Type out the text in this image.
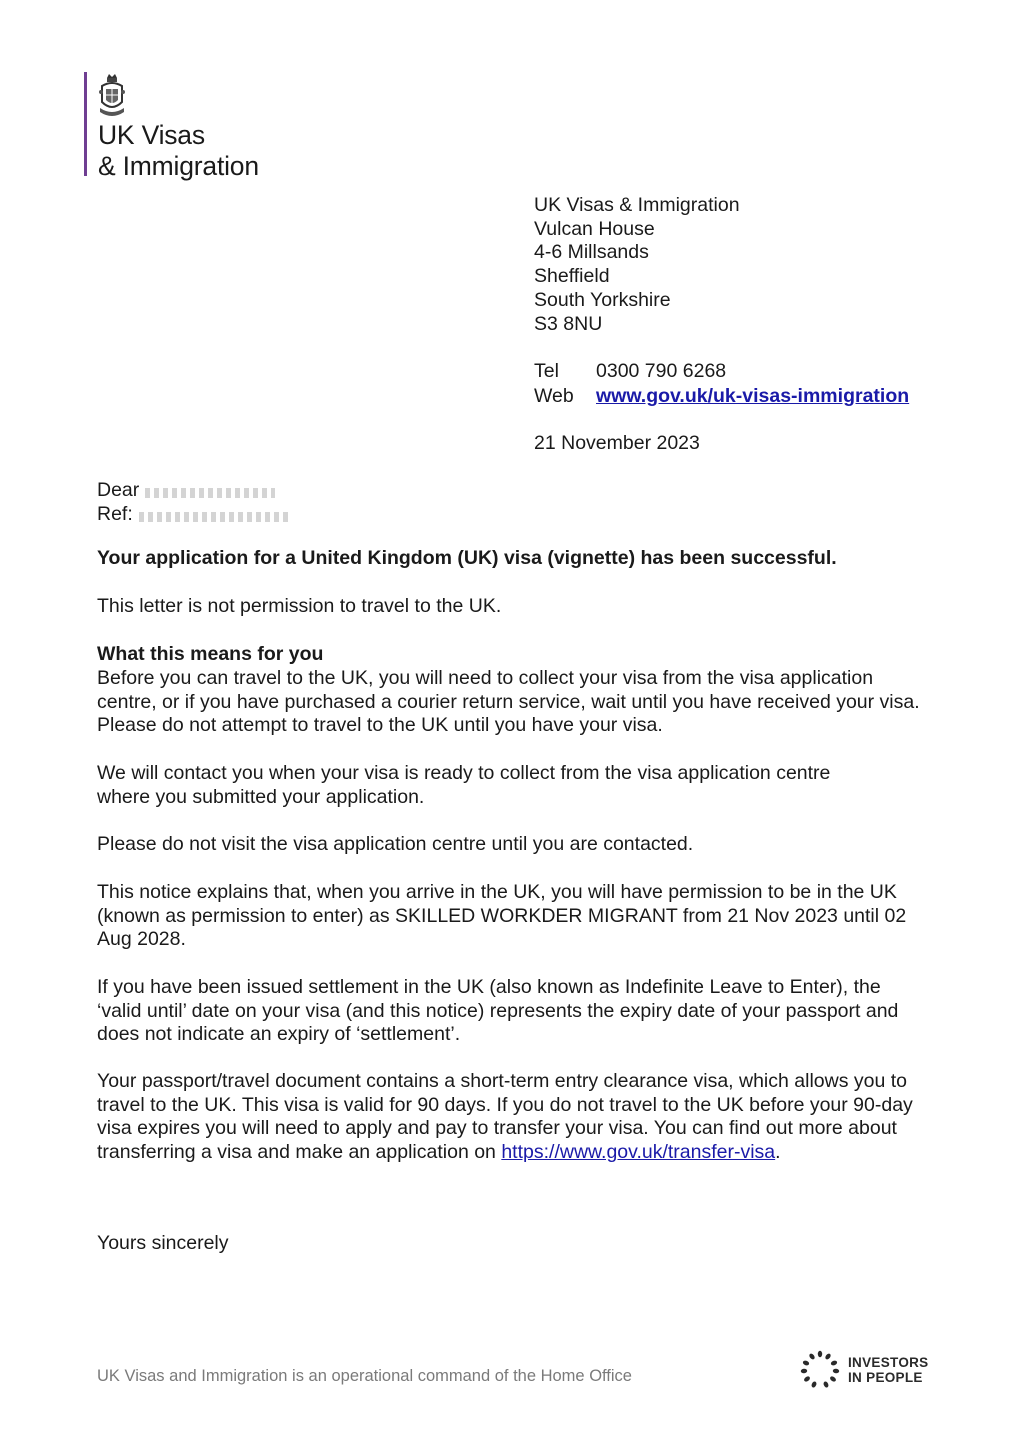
UK Visas
& Immigration
UK Visas & Immigration
Vulcan House
4-6 Millsands
Sheffield
South Yorkshire
S3 8NU
Tel	0300 790 6268
Web	www.gov.uk/uk-visas-immigration
21 November 2023
Dear
Ref:
Your application for a United Kingdom (UK) visa (vignette) has been successful.
This letter is not permission to travel to the UK.
What this means for you
Before you can travel to the UK, you will need to collect your visa from the visa application centre, or if you have purchased a courier return service, wait until you have received your visa. Please do not attempt to travel to the UK until you have your visa.
We will contact you when your visa is ready to collect from the visa application centre where you submitted your application.
Please do not visit the visa application centre until you are contacted.
This notice explains that, when you arrive in the UK, you will have permission to be in the UK (known as permission to enter) as SKILLED WORKDER MIGRANT from 21 Nov 2023 until 02 Aug 2028.
If you have been issued settlement in the UK (also known as Indefinite Leave to Enter), the ‘valid until’ date on your visa (and this notice) represents the expiry date of your passport and does not indicate an expiry of ‘settlement’.
Your passport/travel document contains a short-term entry clearance visa, which allows you to travel to the UK. This visa is valid for 90 days. If you do not travel to the UK before your 90-day visa expires you will need to apply and pay to transfer your visa. You can find out more about transferring a visa and make an application on https://www.gov.uk/transfer-visa.
Yours sincerely
UK Visas and Immigration is an operational command of the Home Office
INVESTORS
IN PEOPLE
